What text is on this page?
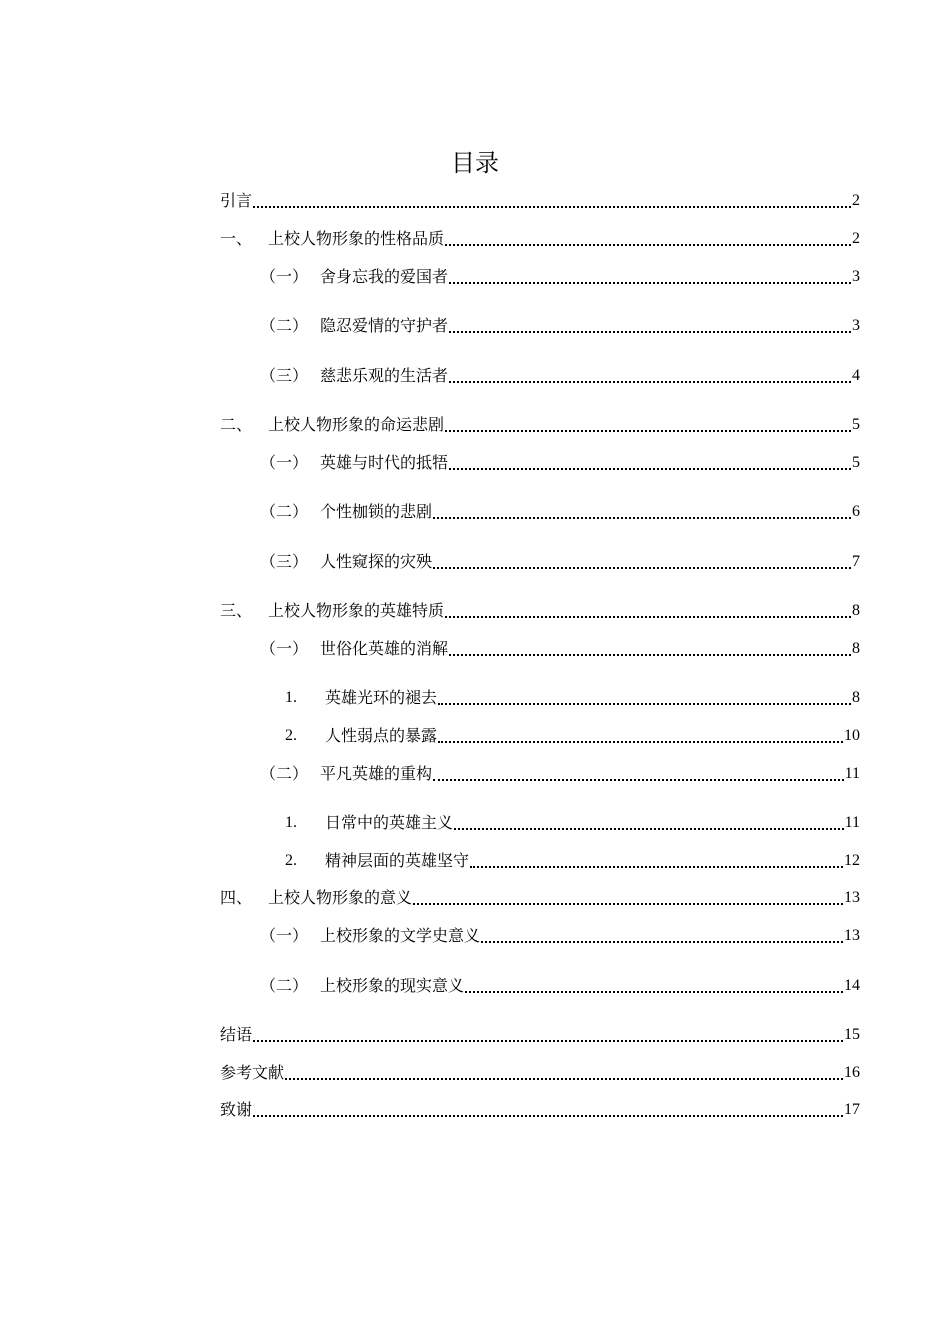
目录
引言	2
一、 上校人物形象的性格品质	2
（一） 舍身忘我的爱国者	3
（二） 隐忍爱情的守护者	3
（三） 慈悲乐观的生活者	4
二、 上校人物形象的命运悲剧	5
（一） 英雄与时代的抵牾	5
（二） 个性枷锁的悲剧	6
（三） 人性窥探的灾殃	7
三、 上校人物形象的英雄特质	8
（一） 世俗化英雄的消解	8
1.	英雄光环的褪去	8
2.	人性弱点的暴露	10
（二） 平凡英雄的重构	11
1.	日常中的英雄主义	11
2.	精神层面的英雄坚守	12
四、 上校人物形象的意义	13
（一） 上校形象的文学史意义	13
（二） 上校形象的现实意义	14
结语	15
参考文献	16
致谢	17
